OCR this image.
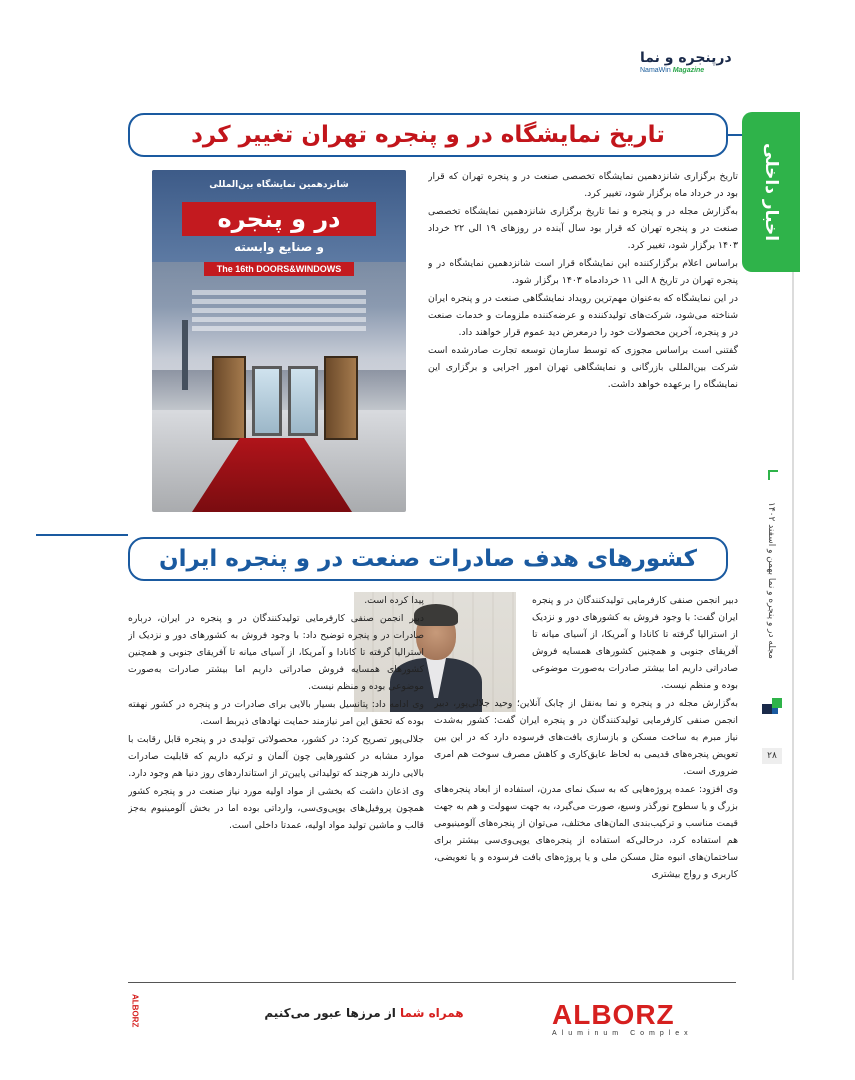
درپنجره و نما
NamaWin Magazine
اخبار داخلی
مجله در و پنجره و نما بهمن و اسفند ۱۴۰۲
۲۸
تاریخ نمایشگاه در و پنجره تهران تغییر کرد

تاریخ برگزاری شانزدهمین نمایشگاه تخصصی صنعت در و پنجره تهران که قرار بود در خرداد ماه برگزار شود، تغییر کرد.

به‌گزارش مجله در و پنجره و نما تاریخ برگزاری شانزدهمین نمایشگاه تخصصی صنعت در و پنجره تهران که قرار بود سال آینده در روزهای ۱۹ الی ۲۲ خرداد ۱۴۰۳ برگزار شود، تغییر کرد.

براساس اعلام برگزارکننده این نمایشگاه قرار است شانزدهمین نمایشگاه در و پنجره تهران در تاریخ ۸ الی ۱۱ خردادماه ۱۴۰۳ برگزار شود.

در این نمایشگاه که به‌عنوان مهم‌ترین رویداد نمایشگاهی صنعت در و پنجره ایران شناخته می‌شود، شرکت‌های تولیدکننده و عرضه‌کننده ملزومات و خدمات صنعت در و پنجره، آخرین محصولات خود را درمعرض دید عموم قرار خواهند داد.

گفتنی است براساس مجوزی که توسط سازمان توسعه تجارت صادرشده است شرکت بین‌المللی بازرگانی و نمایشگاهی تهران امور اجرایی و برگزاری این نمایشگاه را برعهده خواهد داشت.

شانزدهمین نمایشگاه بین‌المللی
در و پنجره
و صنایع وابسته
The 16th DOORS&WINDOWS
کشورهای هدف صادرات صنعت در و پنجره ایران

دبیر انجمن صنفی کارفرمایی تولیدکنندگان در و پنجره ایران گفت: با وجود فروش به کشورهای دور و نزدیک از استرالیا گرفته تا کانادا و آمریکا، از آسیای میانه تا آفریقای جنوبی و همچنین کشورهای همسایه فروش صادراتی داریم اما بیشتر صادرات به‌صورت موضوعی بوده و منظم نیست.

به‌گزارش مجله در و پنجره و نما به‌نقل از چابک آنلاین؛ وحید جلالی‌پور، دبیر انجمن صنفی کارفرمایی تولیدکنندگان در و پنجره ایران گفت: کشور به‌شدت نیاز مبرم به ساخت مسکن و بازسازی بافت‌های فرسوده دارد که در این بین تعویض پنجره‌های قدیمی به لحاظ عایق‌کاری و کاهش مصرف سوخت هم امری ضروری است.

وی افزود: عمده پروژه‌هایی که به سبک نمای مدرن، استفاده از ابعاد پنجره‌های بزرگ و یا سطوح نورگذر وسیع، صورت می‌گیرد، به جهت سهولت و هم به جهت قیمت مناسب و ترکیب‌بندی المان‌های مختلف، می‌توان از پنجره‌های آلومینیومی هم استفاده کرد، درحالی‌که استفاده از پنجره‌های یوپی‌وی‌سی بیشتر برای ساختمان‌های انبوه مثل مسکن ملی و یا پروژه‌های بافت فرسوده و یا تعویضی، کاربری و رواج بیشتری

پیدا کرده است.

دبیر انجمن صنفی کارفرمایی تولیدکنندگان در و پنجره در ایران، درباره صادرات در و پنجره توضیح داد: با وجود فروش به کشورهای دور و نزدیک از استرالیا گرفته تا کانادا و آمریکا، از آسیای میانه تا آفریقای جنوبی و همچنین کشورهای همسایه فروش صادراتی داریم اما بیشتر صادرات به‌صورت موضوعی بوده و منظم نیست.

وی ادامه داد: پتانسیل بسیار بالایی برای صادرات در و پنجره در کشور نهفته بوده که تحقق این امر نیازمند حمایت نهادهای ذیربط است.

جلالی‌پور تصریح کرد: در کشور، محصولاتی تولیدی در و پنجره قابل رقابت با موارد مشابه در کشورهایی چون آلمان و ترکیه داریم که قابلیت صادرات بالایی دارند هرچند که تولیداتی پایین‌تر از استانداردهای روز دنیا هم وجود دارد.

وی اذعان داشت که بخشی از مواد اولیه مورد نیاز صنعت در و پنجره کشور همچون پروفیل‌های یوپی‌وی‌سی، وارداتی بوده اما در بخش آلومینیوم به‌جز قالب و ماشین تولید مواد اولیه، عمدتا داخلی است.

ALBORZ	همراه شما از مرزها عبور می‌کنیم	ALBORZ
Aluminum Complex
